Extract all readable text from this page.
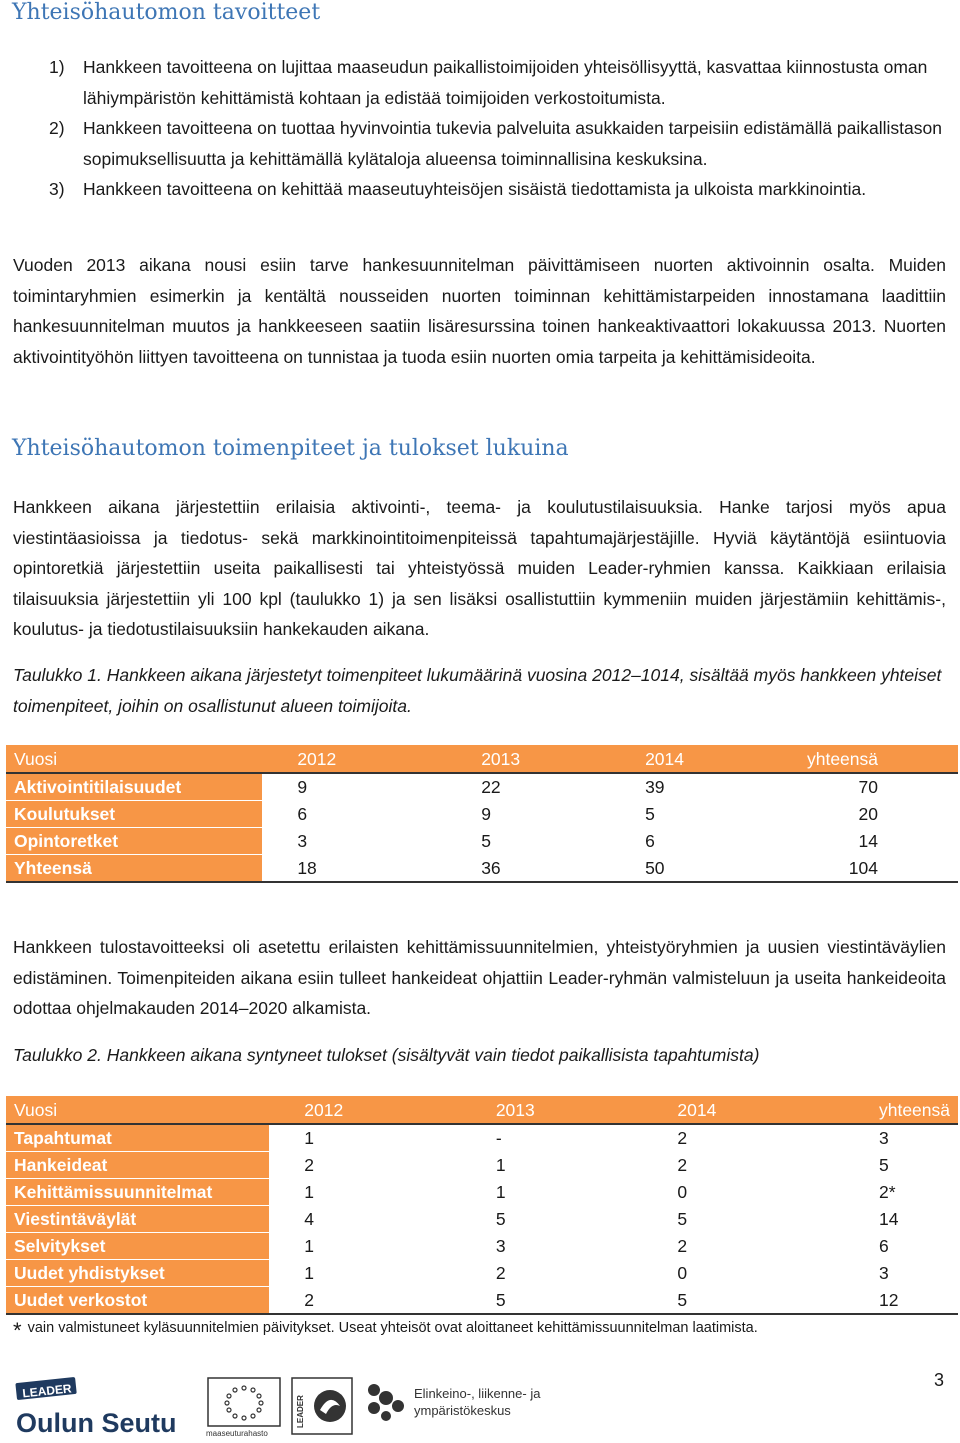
Yhteisöhautomon tavoitteet
1) Hankkeen tavoitteena on lujittaa maaseudun paikallistoimijoiden yhteisöllisyyttä, kasvattaa kiinnostusta oman lähiympäristön kehittämistä kohtaan ja edistää toimijoiden verkostoitumista.
2) Hankkeen tavoitteena on tuottaa hyvinvointia tukevia palveluita asukkaiden tarpeisiin edistämällä paikallistason sopimuksellisuutta ja kehittämällä kylätaloja alueensa toiminnallisina keskuksina.
3) Hankkeen tavoitteena on kehittää maaseutuyhteisöjen sisäistä tiedottamista ja ulkoista markkinointia.

Vuoden 2013 aikana nousi esiin tarve hankesuunnitelman päivittämiseen nuorten aktivoinnin osalta. Muiden toimintaryhmien esimerkin ja kentältä nousseiden nuorten toiminnan kehittämistarpeiden innostamana laadittiin hankesuunnitelman muutos ja hankkeeseen saatiin lisäresurssina toinen hankeaktivaattori lokakuussa 2013. Nuorten aktivointityöhön liittyen tavoitteena on tunnistaa ja tuoda esiin nuorten omia tarpeita ja kehittämisideoita.

Yhteisöhautomon toimenpiteet ja tulokset lukuina

Hankkeen aikana järjestettiin erilaisia aktivointi-, teema- ja koulutustilaisuuksia. Hanke tarjosi myös apua viestintäasioissa ja tiedotus- sekä markkinointitoimenpiteissä tapahtumajärjestäjille. Hyviä käytäntöjä esiintuovia opintoretkiä järjestettiin useita paikallisesti tai yhteistyössä muiden Leader-ryhmien kanssa. Kaikkiaan erilaisia tilaisuuksia järjestettiin yli 100 kpl (taulukko 1) ja sen lisäksi osallistuttiin kymmeniin muiden järjestämiin kehittämis-, koulutus- ja tiedotustilaisuuksiin hankekauden aikana.

Taulukko 1. Hankkeen aikana järjestetyt toimenpiteet lukumäärinä vuosina 2012–1014, sisältää myös hankkeen yhteiset toimenpiteet, joihin on osallistunut alueen toimijoita.

Vuosi	2012	2013	2014	yhteensä
Aktivointitilaisuudet	9	22	39	70
Koulutukset	6	9	5	20
Opintoretket	3	5	6	14
Yhteensä	18	36	50	104

Hankkeen tulostavoitteeksi oli asetettu erilaisten kehittämissuunnitelmien, yhteistyöryhmien ja uusien viestintäväylien edistäminen. Toimenpiteiden aikana esiin tulleet hankeideat ohjattiin Leader-ryhmän valmisteluun ja useita hankeideoita odottaa ohjelmakauden 2014–2020 alkamista.

Taulukko 2. Hankkeen aikana syntyneet tulokset (sisältyvät vain tiedot paikallisista tapahtumista)

Vuosi	2012	2013	2014	yhteensä
Tapahtumat	1	-	2	3
Hankeideat	2	1	2	5
Kehittämissuunnitelmat	1	1	0	2*
Viestintäväylät	4	5	5	14
Selvitykset	1	3	2	6
Uudet yhdistykset	1	2	0	3
Uudet verkostot	2	5	5	12

* vain valmistuneet kyläsuunnitelmien päivitykset. Useat yhteisöt ovat aloittaneet kehittämissuunnitelman laatimista.

3
LEADER
Oulun Seutu	maaseuturahasto
LEADER
Elinkeino-, liikenne- ja
ympäristökeskus
